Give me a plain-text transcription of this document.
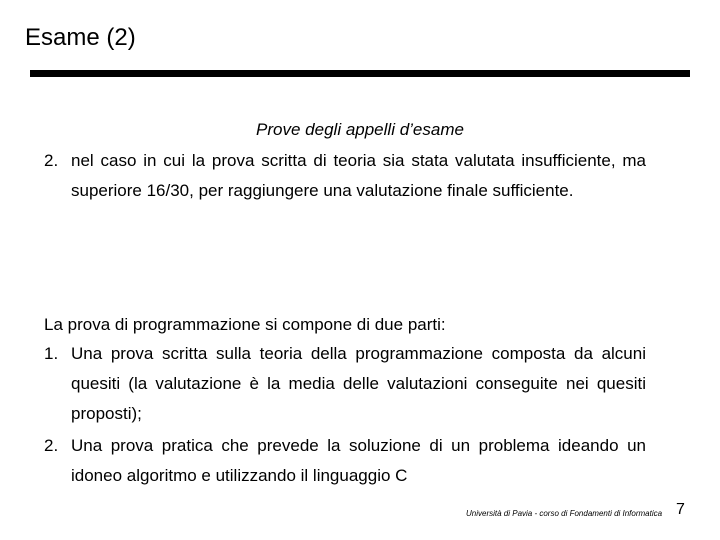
Esame (2)
Prove degli appelli d’esame
2. nel caso in cui la prova scritta di teoria sia stata valutata insufficiente, ma superiore 16/30, per raggiungere una valutazione finale sufficiente.
La prova di programmazione si compone di due parti:
1. Una prova scritta sulla teoria della programmazione composta da alcuni quesiti (la valutazione è la media delle valutazioni conseguite nei quesiti proposti);
2. Una prova pratica che prevede la soluzione di un problema ideando un idoneo algoritmo e utilizzando il linguaggio C
Università di Pavia - corso di Fondamenti di Informatica 7
